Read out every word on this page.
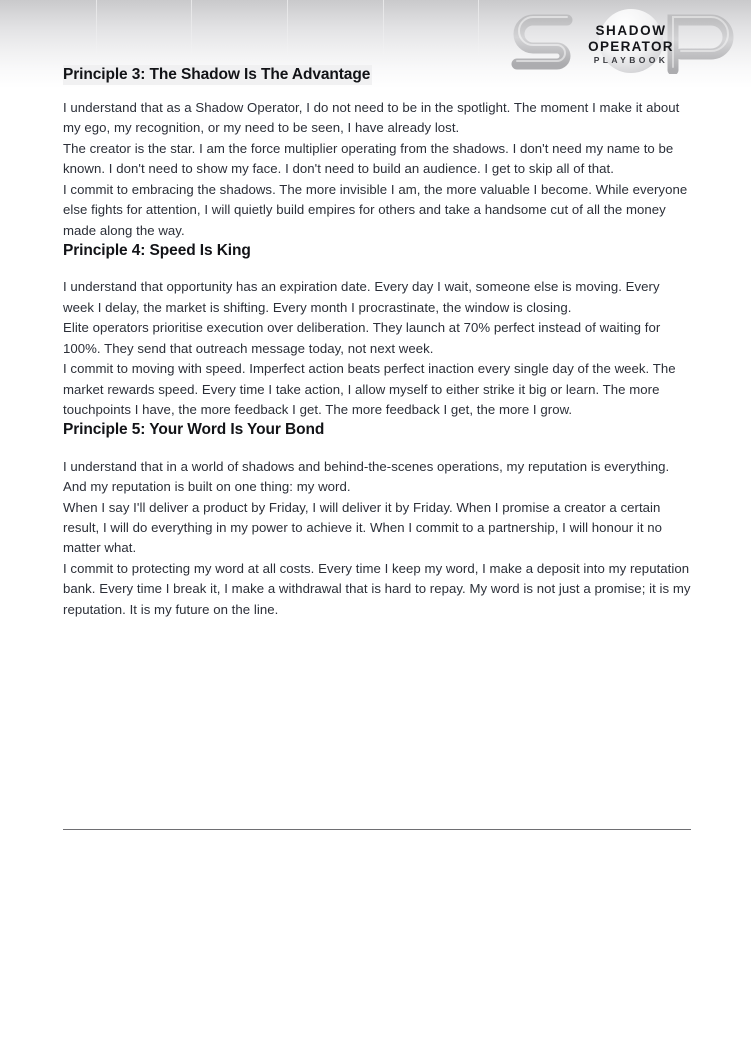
SHADOW
OPERATOR
PLAYBOOK
Principle 3: The Shadow Is The Advantage

I understand that as a Shadow Operator, I do not need to be in the spotlight. The moment I make it about my ego, my recognition, or my need to be seen, I have already lost.

The creator is the star. I am the force multiplier operating from the shadows. I don't need my name to be known. I don't need to show my face. I don't need to build an audience. I get to skip all of that.

I commit to embracing the shadows. The more invisible I am, the more valuable I become. While everyone else fights for attention, I will quietly build empires for others and take a handsome cut of all the money made along the way.

Principle 4: Speed Is King

I understand that opportunity has an expiration date. Every day I wait, someone else is moving. Every week I delay, the market is shifting. Every month I procrastinate, the window is closing.

Elite operators prioritise execution over deliberation. They launch at 70% perfect instead of waiting for 100%. They send that outreach message today, not next week.

I commit to moving with speed. Imperfect action beats perfect inaction every single day of the week. The market rewards speed. Every time I take action, I allow myself to either strike it big or learn. The more touchpoints I have, the more feedback I get. The more feedback I get, the more I grow.

Principle 5: Your Word Is Your Bond

I understand that in a world of shadows and behind-the-scenes operations, my reputation is everything. And my reputation is built on one thing: my word.

When I say I'll deliver a product by Friday, I will deliver it by Friday. When I promise a creator a certain result, I will do everything in my power to achieve it. When I commit to a partnership, I will honour it no matter what.

I commit to protecting my word at all costs. Every time I keep my word, I make a deposit into my reputation bank. Every time I break it, I make a withdrawal that is hard to repay. My word is not just a promise; it is my reputation. It is my future on the line.
